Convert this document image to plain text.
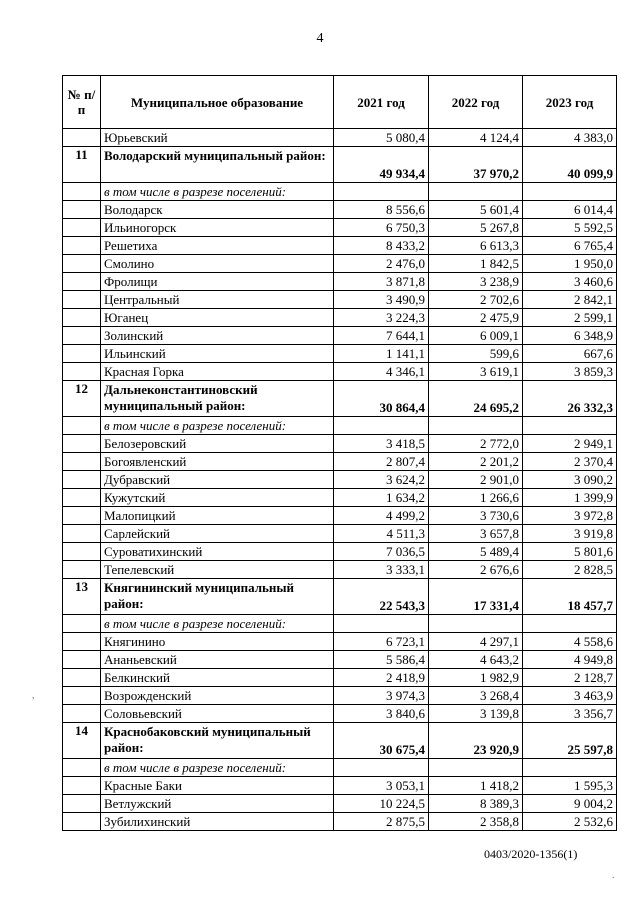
4
№ п/п	Муниципальное образование	2021 год	2022 год	2023 год
	Юрьевский	5 080,4	4 124,4	4 383,0
11	Володарский муниципальный район:	49 934,4	37 970,2	40 099,9
	в том числе в разрезе поселений:			
	Володарск	8 556,6	5 601,4	6 014,4
	Ильиногорск	6 750,3	5 267,8	5 592,5
	Решетиха	8 433,2	6 613,3	6 765,4
	Смолино	2 476,0	1 842,5	1 950,0
	Фролищи	3 871,8	3 238,9	3 460,6
	Центральный	3 490,9	2 702,6	2 842,1
	Юганец	3 224,3	2 475,9	2 599,1
	Золинский	7 644,1	6 009,1	6 348,9
	Ильинский	1 141,1	599,6	667,6
	Красная Горка	4 346,1	3 619,1	3 859,3
12	Дальнеконстантиновский муниципальный район:	30 864,4	24 695,2	26 332,3
	в том числе в разрезе поселений:			
	Белозеровский	3 418,5	2 772,0	2 949,1
	Богоявленский	2 807,4	2 201,2	2 370,4
	Дубравский	3 624,2	2 901,0	3 090,2
	Кужутский	1 634,2	1 266,6	1 399,9
	Малопицкий	4 499,2	3 730,6	3 972,8
	Сарлейский	4 511,3	3 657,8	3 919,8
	Суроватихинский	7 036,5	5 489,4	5 801,6
	Тепелевский	3 333,1	2 676,6	2 828,5
13	Княгининский муниципальный район:	22 543,3	17 331,4	18 457,7
	в том числе в разрезе поселений:			
	Княгинино	6 723,1	4 297,1	4 558,6
	Ананьевский	5 586,4	4 643,2	4 949,8
	Белкинский	2 418,9	1 982,9	2 128,7
	Возрожденский	3 974,3	3 268,4	3 463,9
	Соловьевский	3 840,6	3 139,8	3 356,7
14	Краснобаковский муниципальный район:	30 675,4	23 920,9	25 597,8
	в том числе в разрезе поселений:			
	Красные Баки	3 053,1	1 418,2	1 595,3
	Ветлужский	10 224,5	8 389,3	9 004,2
	Зубилихинский	2 875,5	2 358,8	2 532,6
0403/2020-1356(1)
,
.
